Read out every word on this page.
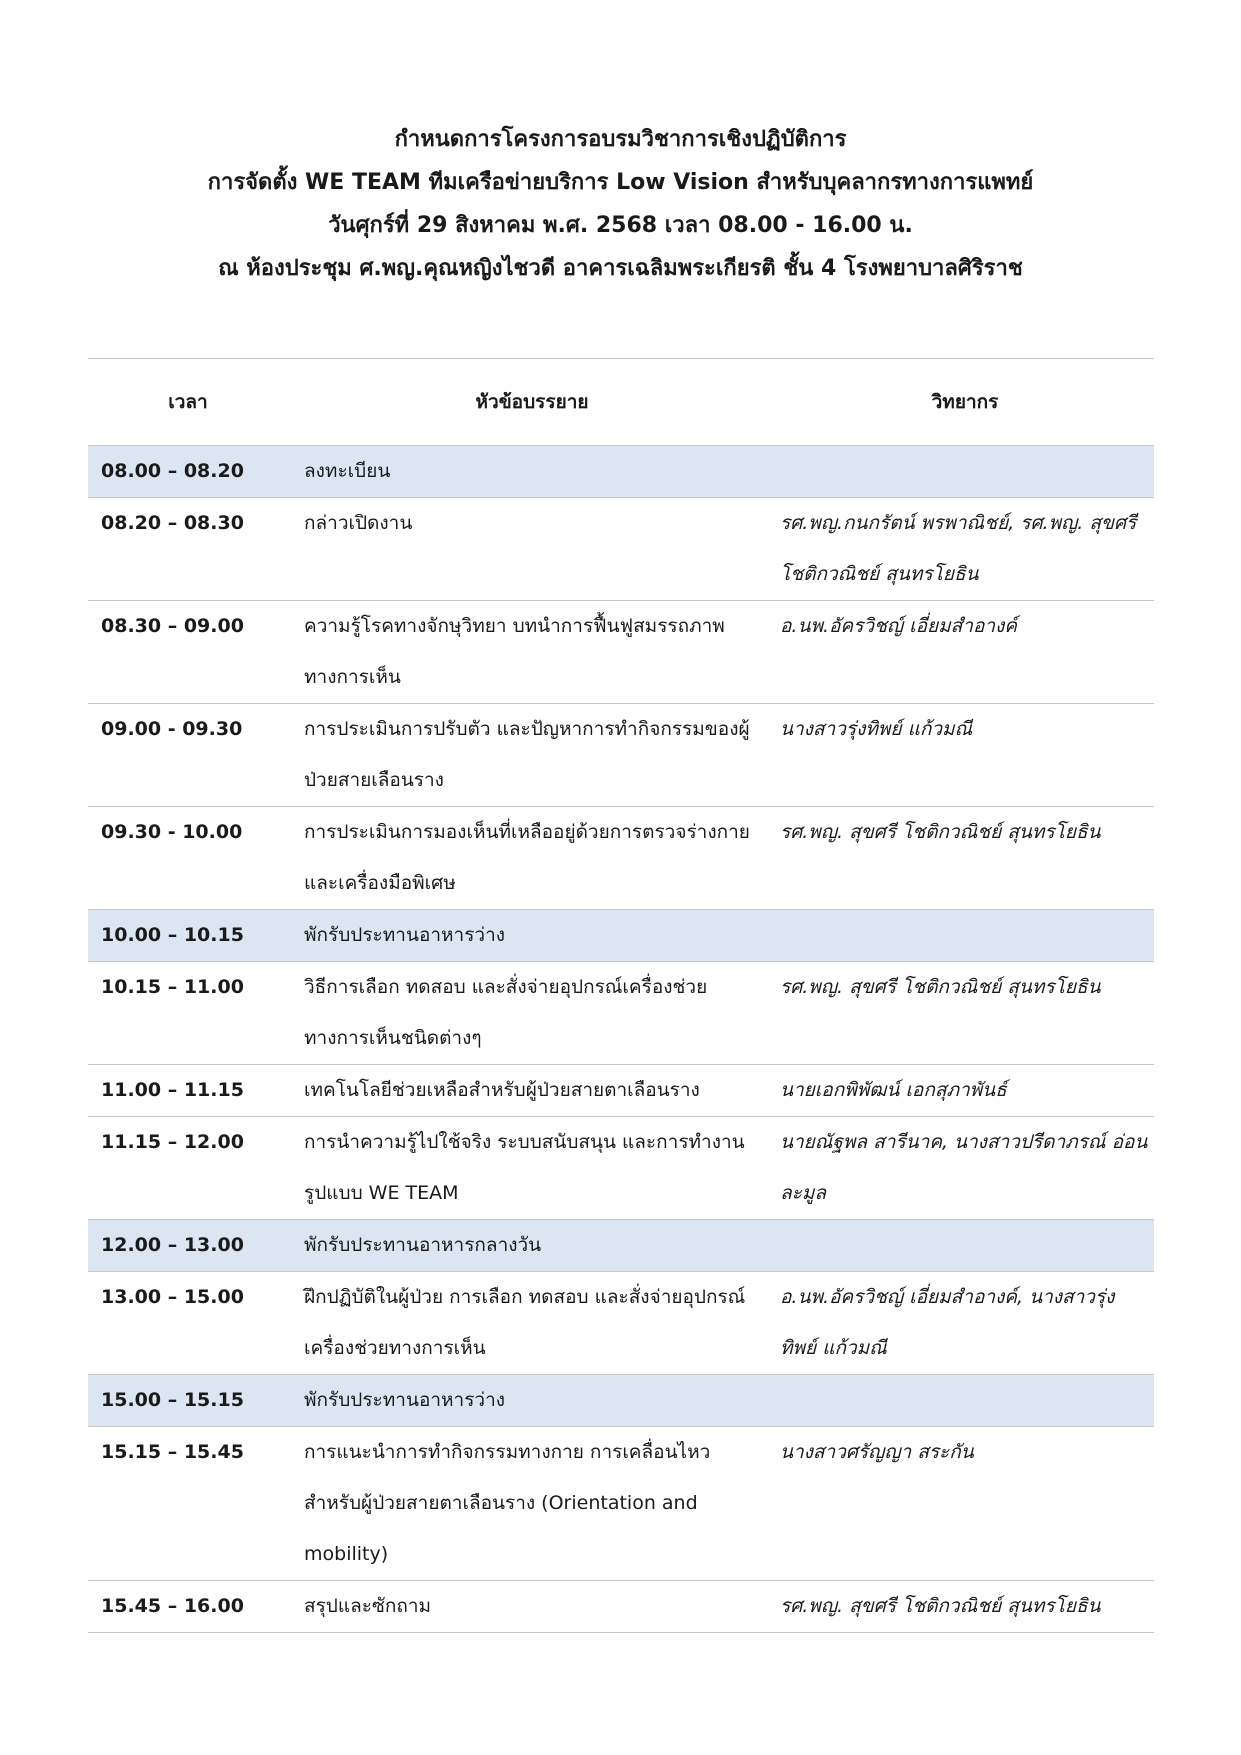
กำหนดการโครงการอบรมวิชาการเชิงปฏิบัติการ
การจัดตั้ง WE TEAM ทีมเครือข่ายบริการ Low Vision สำหรับบุคลากรทางการแพทย์
วันศุกร์ที่ 29 สิงหาคม พ.ศ. 2568 เวลา 08.00 - 16.00 น.
ณ ห้องประชุม ศ.พญ.คุณหญิงไชวดี อาคารเฉลิมพระเกียรติ ชั้น 4 โรงพยาบาลศิริราช
เวลา	หัวข้อบรรยาย	วิทยากร
08.00 – 08.20	ลงทะเบียน	
08.20 – 08.30	กล่าวเปิดงาน	รศ.พญ.กนกรัตน์ พรพาณิชย์, รศ.พญ. สุขศรี โชติกวณิชย์ สุนทรโยธิน
08.30 – 09.00	ความรู้โรคทางจักษุวิทยา บทนำการฟื้นฟูสมรรถภาพทางการเห็น	อ.นพ.อัครวิชญ์ เอี่ยมสำอางค์
09.00 - 09.30	การประเมินการปรับตัว และปัญหาการทำกิจกรรมของผู้ป่วยสายเลือนราง	นางสาวรุ่งทิพย์ แก้วมณี
09.30 - 10.00	การประเมินการมองเห็นที่เหลืออยู่ด้วยการตรวจร่างกายและเครื่องมือพิเศษ	รศ.พญ. สุขศรี โชติกวณิชย์ สุนทรโยธิน
10.00 – 10.15	พักรับประทานอาหารว่าง	
10.15 – 11.00	วิธีการเลือก ทดสอบ และสั่งจ่ายอุปกรณ์เครื่องช่วยทางการเห็นชนิดต่างๆ	รศ.พญ. สุขศรี โชติกวณิชย์ สุนทรโยธิน
11.00 – 11.15	เทคโนโลยีช่วยเหลือสำหรับผู้ป่วยสายตาเลือนราง	นายเอกพิพัฒน์ เอกสุภาพันธ์
11.15 – 12.00	การนำความรู้ไปใช้จริง ระบบสนับสนุน และการทำงานรูปแบบ WE TEAM	นายณัฐพล สารีนาค, นางสาวปรีดาภรณ์ อ่อนละมูล
12.00 – 13.00	พักรับประทานอาหารกลางวัน	
13.00 – 15.00	ฝึกปฏิบัติในผู้ป่วย การเลือก ทดสอบ และสั่งจ่ายอุปกรณ์เครื่องช่วยทางการเห็น	อ.นพ.อัครวิชญ์ เอี่ยมสำอางค์, นางสาวรุ่งทิพย์ แก้วมณี
15.00 – 15.15	พักรับประทานอาหารว่าง	
15.15 – 15.45	การแนะนำการทำกิจกรรมทางกาย การเคลื่อนไหวสำหรับผู้ป่วยสายตาเลือนราง (Orientation and mobility)	นางสาวศรัญญา สระกัน
15.45 – 16.00	สรุปและซักถาม	รศ.พญ. สุขศรี โชติกวณิชย์ สุนทรโยธิน
